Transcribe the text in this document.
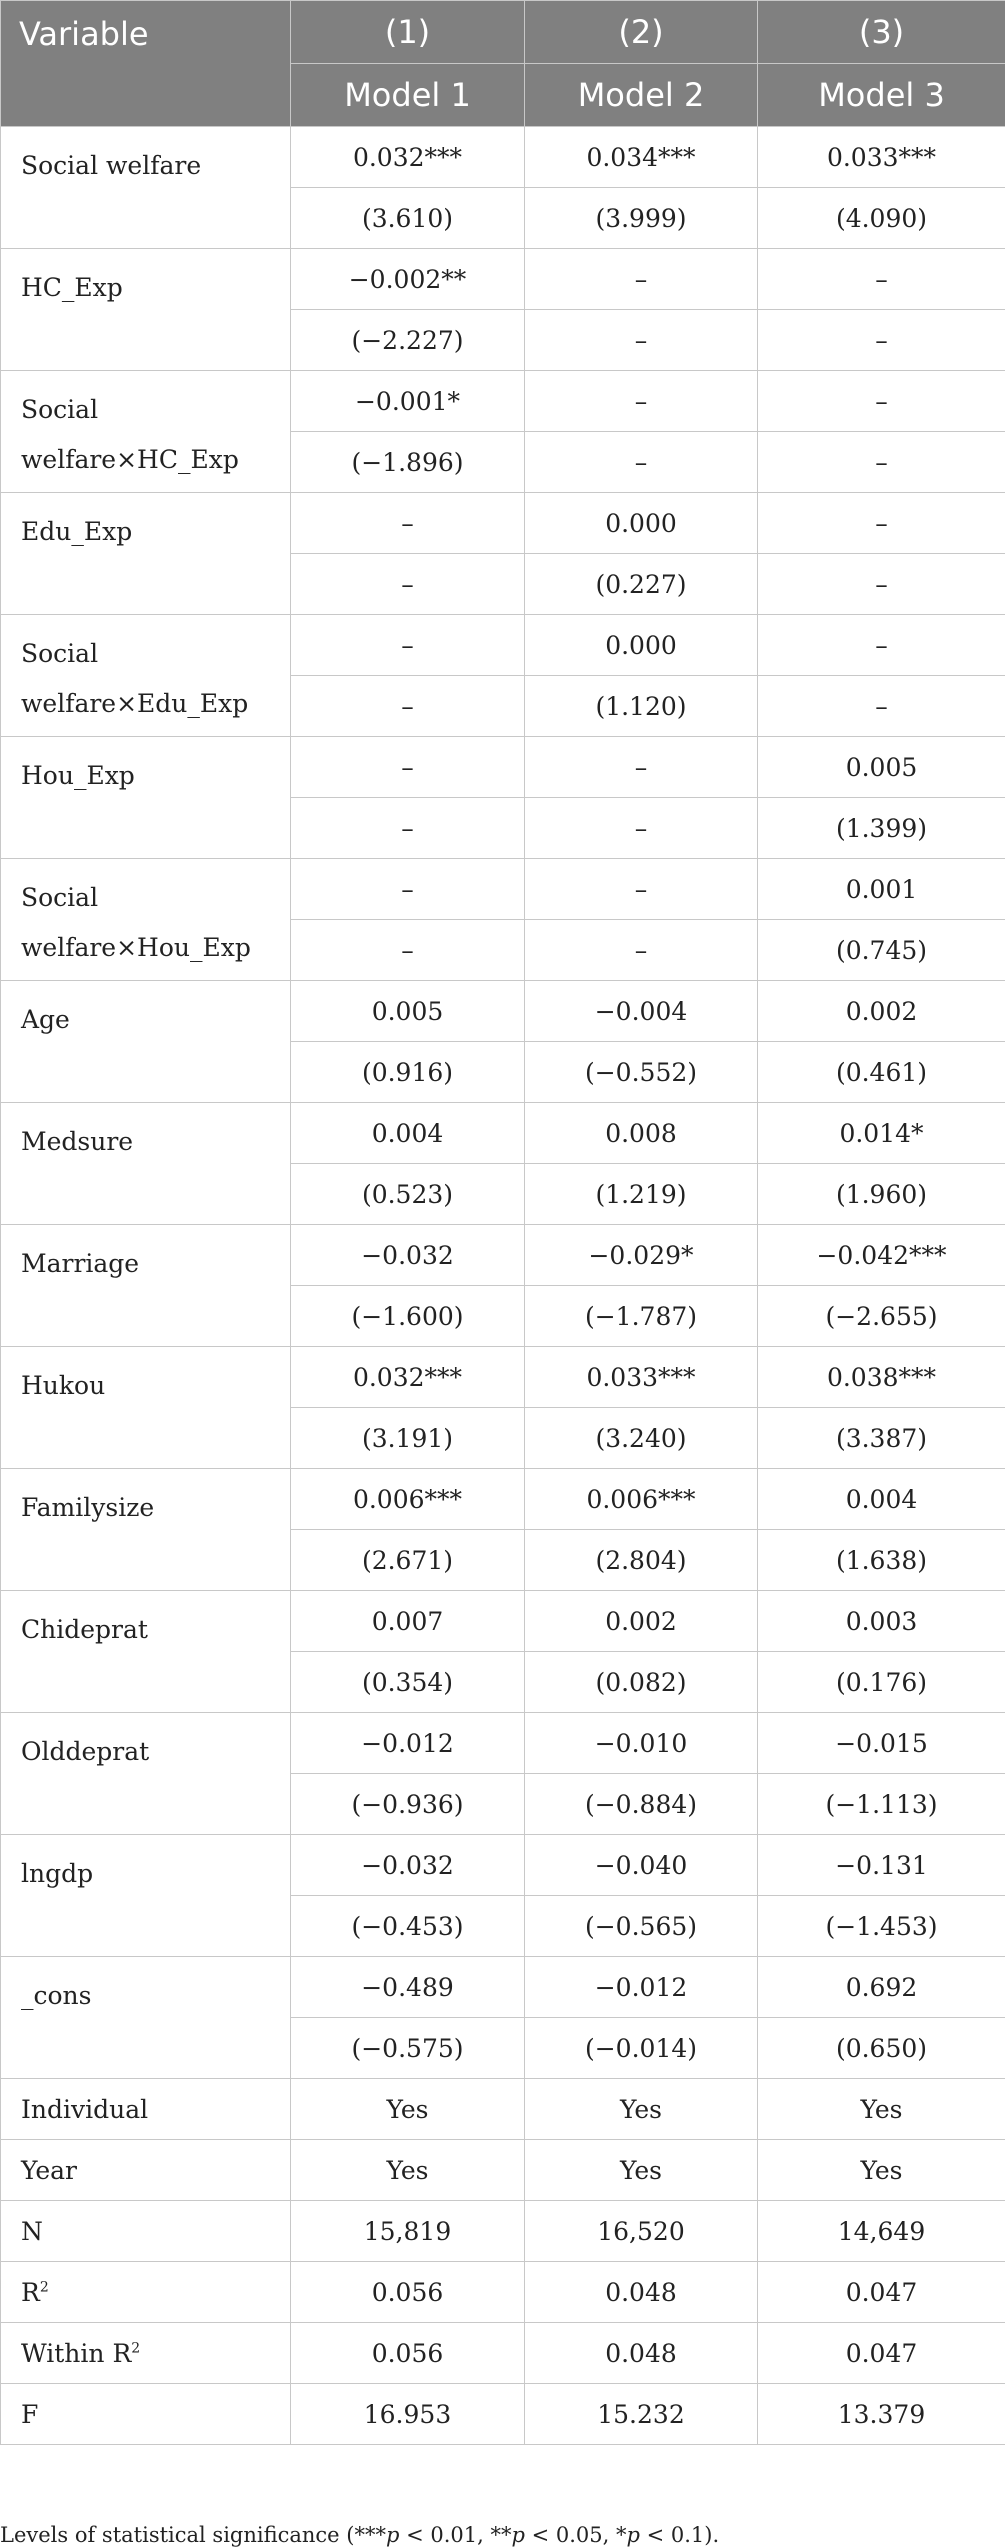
Variable	(1)	(2)	(3)
	Model 1	Model 2	Model 3
Social welfare	0.032***	0.034***	0.033***
	(3.610)	(3.999)	(4.090)
HC_Exp	−0.002**	–	–
	(−2.227)	–	–
Social welfare×HC_Exp	−0.001*	–	–
	(−1.896)	–	–
Edu_Exp	–	0.000	–
	–	(0.227)	–
Social welfare×Edu_Exp	–	0.000	–
	–	(1.120)	–
Hou_Exp	–	–	0.005
	–	–	(1.399)
Social welfare×Hou_Exp	–	–	0.001
	–	–	(0.745)
Age	0.005	−0.004	0.002
	(0.916)	(−0.552)	(0.461)
Medsure	0.004	0.008	0.014*
	(0.523)	(1.219)	(1.960)
Marriage	−0.032	−0.029*	−0.042***
	(−1.600)	(−1.787)	(−2.655)
Hukou	0.032***	0.033***	0.038***
	(3.191)	(3.240)	(3.387)
Familysize	0.006***	0.006***	0.004
	(2.671)	(2.804)	(1.638)
Chideprat	0.007	0.002	0.003
	(0.354)	(0.082)	(0.176)
Olddeprat	−0.012	−0.010	−0.015
	(−0.936)	(−0.884)	(−1.113)
lngdp	−0.032	−0.040	−0.131
	(−0.453)	(−0.565)	(−1.453)
_cons	−0.489	−0.012	0.692
	(−0.575)	(−0.014)	(0.650)
Individual	Yes	Yes	Yes
Year	Yes	Yes	Yes
N	15,819	16,520	14,649
$R^2$	0.056	0.048	0.047
Within $R^2$	0.056	0.048	0.047
F	16.953	15.232	13.379
Levels of statistical significance (***p < 0.01, **p < 0.05, *p < 0.1).
